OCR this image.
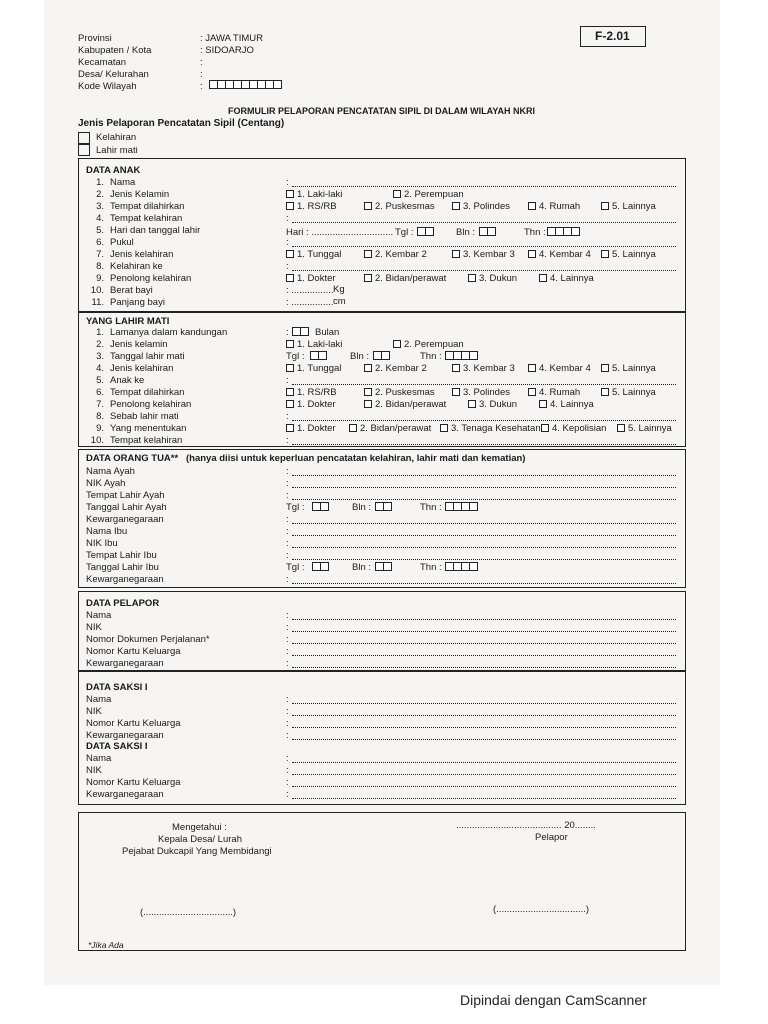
Provinsi	: JAWA TIMUR
Kabupaten / Kota	: SIDOARJO
Kecamatan	:
Desa/ Kelurahan	:
Kode Wilayah	:
F-2.01
FORMULIR PELAPORAN PENCATATAN SIPIL DI DALAM WILAYAH NKRI
Jenis Pelaporan Pencatatan Sipil (Centang)
Kelahiran
Lahir mati
DATA ANAK
1. Nama	:
2. Jenis Kelamin	1. Laki-laki	2. Perempuan
3. Tempat dilahirkan	1. RS/RB	2. Puskesmas	3. Polindes	4. Rumah	5. Lainnya
4. Tempat kelahiran	:
5. Hari dan tanggal lahir	Hari : ............................... Tgl :	Bln :	Thn :
6. Pukul	:
7. Jenis kelahiran	1. Tunggal	2. Kembar 2	3. Kembar 3	4. Kembar 4	5. Lainnya
8. Kelahiran ke	:
9. Penolong kelahiran	1. Dokter	2. Bidan/perawat	3. Dukun	4. Lainnya
10. Berat bayi	: ................ Kg
11. Panjang bayi	: ................ cm
YANG LAHIR MATI
1. Lamanya dalam kandungan	:	Bulan
2. Jenis kelamin	1. Laki-laki	2. Perempuan
3. Tanggal lahir mati	Tgl :	Bln :	Thn :
4. Jenis kelahiran	1. Tunggal	2. Kembar 2	3. Kembar 3	4. Kembar 4	5. Lainnya
5. Anak ke	:
6. Tempat dilahirkan	1. RS/RB	2. Puskesmas	3. Polindes	4. Rumah	5. Lainnya
7. Penolong kelahiran	1. Dokter	2. Bidan/perawat	3. Dukun	4. Lainnya
8. Sebab lahir mati	:
9. Yang menentukan	1. Dokter	2. Bidan/perawat	3. Tenaga Kesehatan	4. Kepolisian	5. Lainnya
10. Tempat kelahiran	:
DATA ORANG TUA** (hanya diisi untuk keperluan pencatatan kelahiran, lahir mati dan kematian)
Nama Ayah	:
NIK Ayah	:
Tempat Lahir Ayah	:
Tanggal Lahir Ayah	Tgl :	Bln :	Thn :
Kewarganegaraan	:
Nama Ibu	:
NIK Ibu	:
Tempat Lahir Ibu	:
Tanggal Lahir Ibu	Tgl :	Bln :	Thn :
Kewarganegaraan	:
DATA PELAPOR
Nama	:
NIK	:
Nomor Dokumen Perjalanan*	:
Nomor Kartu Keluarga	:
Kewarganegaraan	:
DATA SAKSI I
Nama	:
NIK	:
Nomor Kartu Keluarga	:
Kewarganegaraan	:
DATA SAKSI I
Nama	:
NIK	:
Nomor Kartu Keluarga	:
Kewarganegaraan	:
Mengetahui :
Kepala Desa/ Lurah
Pejabat Dukcapil Yang Membidangi
........................................ 20........
Pelapor
(..................................)	(..................................)
*Jika Ada
Dipindai dengan CamScanner
